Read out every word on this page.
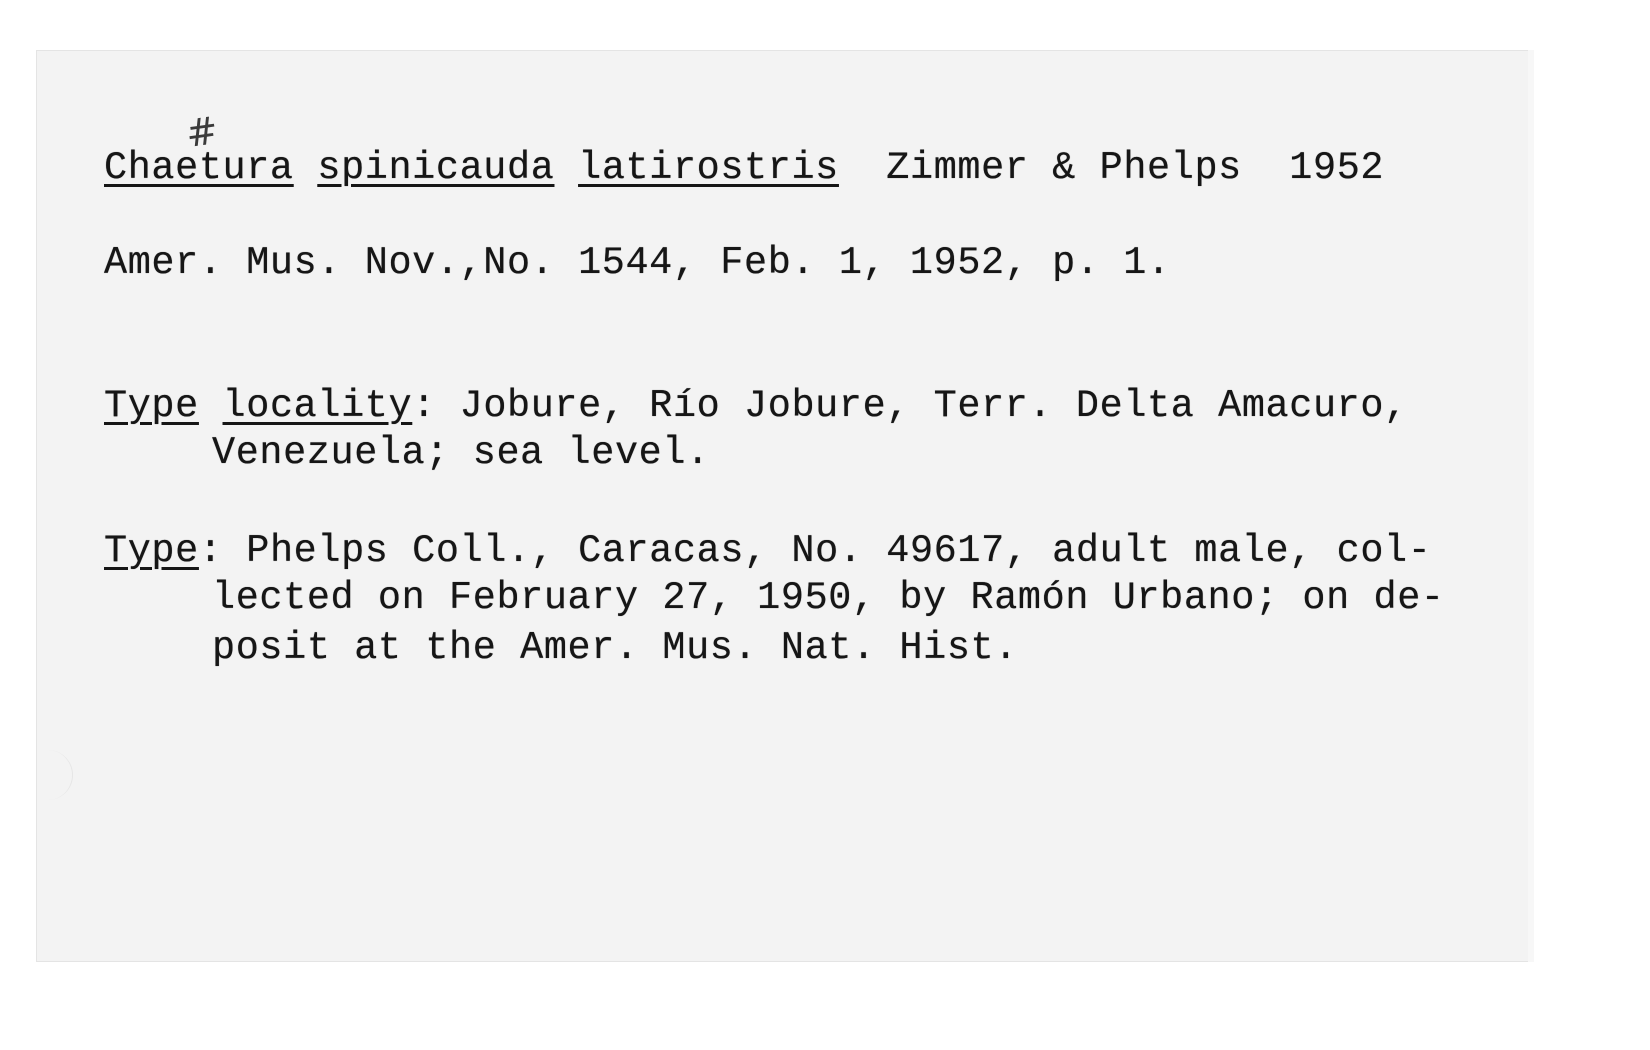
#

Chaetura spinicauda latirostris Zimmer & Phelps 1952

Amer. Mus. Nov.,No. 1544, Feb. 1, 1952, p. 1.

Type locality: Jobure, Río Jobure, Terr. Delta Amacuro,

Venezuela; sea level.

Type: Phelps Coll., Caracas, No. 49617, adult male, col-

lected on February 27, 1950, by Ramón Urbano; on de-

posit at the Amer. Mus. Nat. Hist.
